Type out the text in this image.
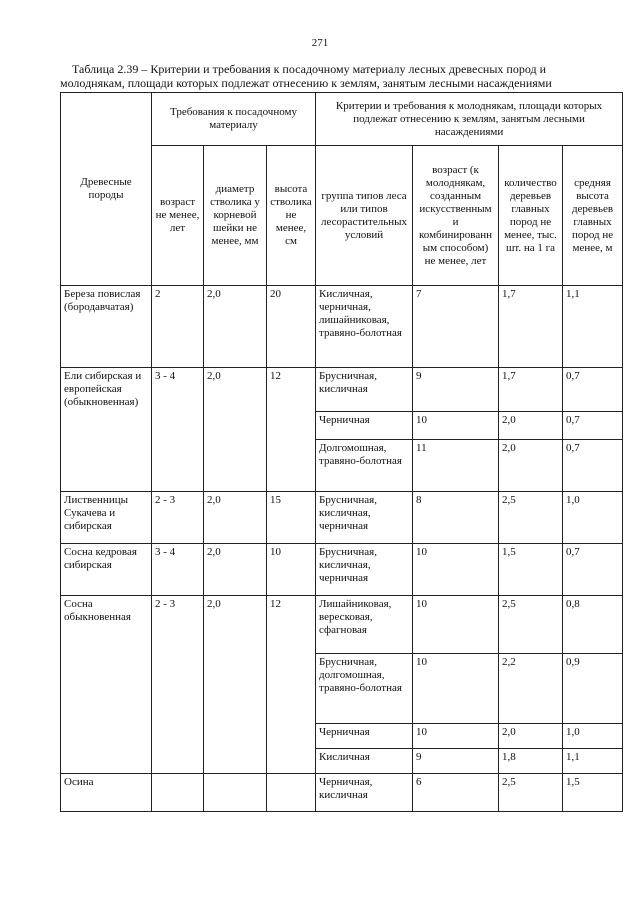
271
Таблица 2.39 – Критерии и требования к посадочному материалу лесных древесных пород и молоднякам, площади которых подлежат отнесению к землям, занятым лесными насаждениями
Древесные породы	Требования к посадочному материалу			Критерии и требования к молоднякам, площади которых подлежат отнесению к землям, занятым лесными насаждениями			
	возраст не менее, лет	диаметр стволика у корневой шейки не менее, мм	высота стволика не менее, см	группа типов леса или типов лесорастительных условий	возраст (к молоднякам, созданным искусственным и комбинированным способом) не менее, лет	количество деревьев главных пород не менее, тыс. шт. на 1 га	средняя высота деревьев главных пород не менее, м
Береза повислая (бородавчатая)	2	2,0	20	Кисличная, черничная, лишайниковая, травяно-болотная	7	1,7	1,1
Ели сибирская и европейская (обыкновенная)	3 - 4	2,0	12	Брусничная, кисличная	9	1,7	0,7
				Черничная	10	2,0	0,7
				Долгомошная, травяно-болотная	11	2,0	0,7
Лиственницы Сукачева и сибирская	2 - 3	2,0	15	Брусничная, кисличная, черничная	8	2,5	1,0
Сосна кедровая сибирская	3 - 4	2,0	10	Брусничная, кисличная, черничная	10	1,5	0,7
Сосна обыкновенная	2 - 3	2,0	12	Лишайниковая, вересковая, сфагновая	10	2,5	0,8
				Брусничная, долгомошная, травяно-болотная	10	2,2	0,9
				Черничная	10	2,0	1,0
				Кисличная	9	1,8	1,1
Осина				Черничная, кисличная	6	2,5	1,5
